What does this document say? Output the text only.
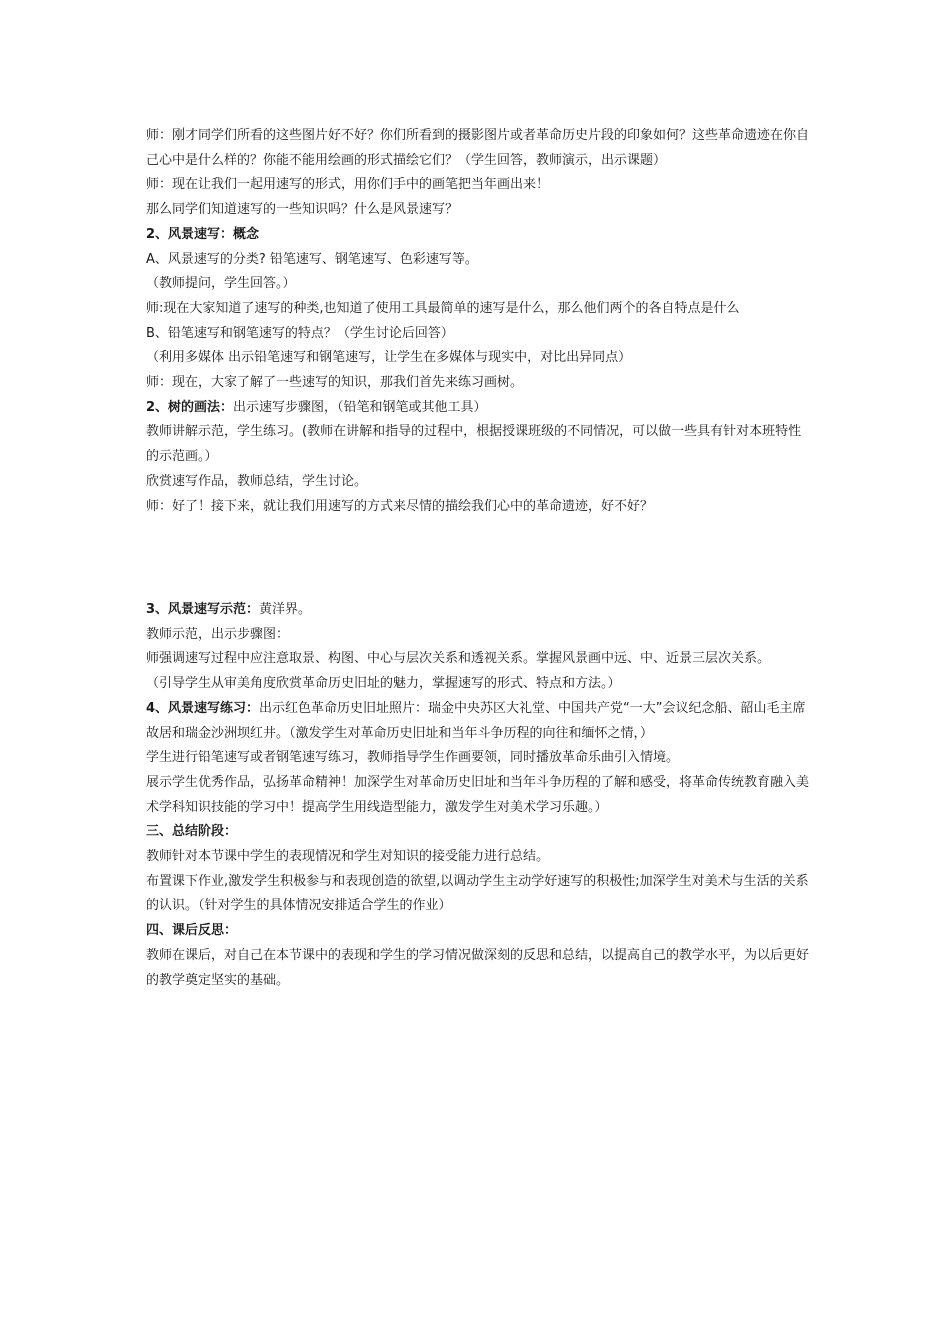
师：刚才同学们所看的这些图片好不好？你们所看到的摄影图片或者革命历史片段的印象如何？这些革命遗迹在你自己心中是什么样的？你能不能用绘画的形式描绘它们？（学生回答，教师演示，出示课题）

师：现在让我们一起用速写的形式，用你们手中的画笔把当年画出来！

那么同学们知道速写的一些知识吗？什么是风景速写？

2、风景速写：概念

A、风景速写的分类? 铅笔速写、钢笔速写、色彩速写等。

（教师提问，学生回答。）

师:现在大家知道了速写的种类,也知道了使用工具最简单的速写是什么，那么他们两个的各自特点是什么

B、铅笔速写和钢笔速写的特点？（学生讨论后回答）

（利用多媒体 出示铅笔速写和钢笔速写，让学生在多媒体与现实中，对比出异同点）

师：现在，大家了解了一些速写的知识，那我们首先来练习画树。

2、树的画法：出示速写步骤图，（铅笔和钢笔或其他工具）

教师讲解示范，学生练习。(教师在讲解和指导的过程中，根据授课班级的不同情况，可以做一些具有针对本班特性的示范画。）

欣赏速写作品，教师总结，学生讨论。

师：好了！接下来，就让我们用速写的方式来尽情的描绘我们心中的革命遗迹，好不好？

3、风景速写示范：黄洋界。

教师示范，出示步骤图：

师强调速写过程中应注意取景、构图、中心与层次关系和透视关系。掌握风景画中远、中、近景三层次关系。

（引导学生从审美角度欣赏革命历史旧址的魅力，掌握速写的形式、特点和方法。）

4、风景速写练习：出示红色革命历史旧址照片：瑞金中央苏区大礼堂、中国共产党“一大”会议纪念船、韶山毛主席故居和瑞金沙洲坝红井。（激发学生对革命历史旧址和当年斗争历程的向往和缅怀之情，）

学生进行铅笔速写或者钢笔速写练习，教师指导学生作画要领，同时播放革命乐曲引入情境。

展示学生优秀作品，弘扬革命精神！加深学生对革命历史旧址和当年斗争历程的了解和感受，将革命传统教育融入美术学科知识技能的学习中！提高学生用线造型能力，激发学生对美术学习乐趣。）

三、总结阶段：

教师针对本节课中学生的表现情况和学生对知识的接受能力进行总结。

布置课下作业,激发学生积极参与和表现创造的欲望,以调动学生主动学好速写的积极性;加深学生对美术与生活的关系的认识。（针对学生的具体情况安排适合学生的作业）

四、课后反思：

教师在课后，对自己在本节课中的表现和学生的学习情况做深刻的反思和总结，以提高自己的教学水平，为以后更好的教学奠定坚实的基础。
